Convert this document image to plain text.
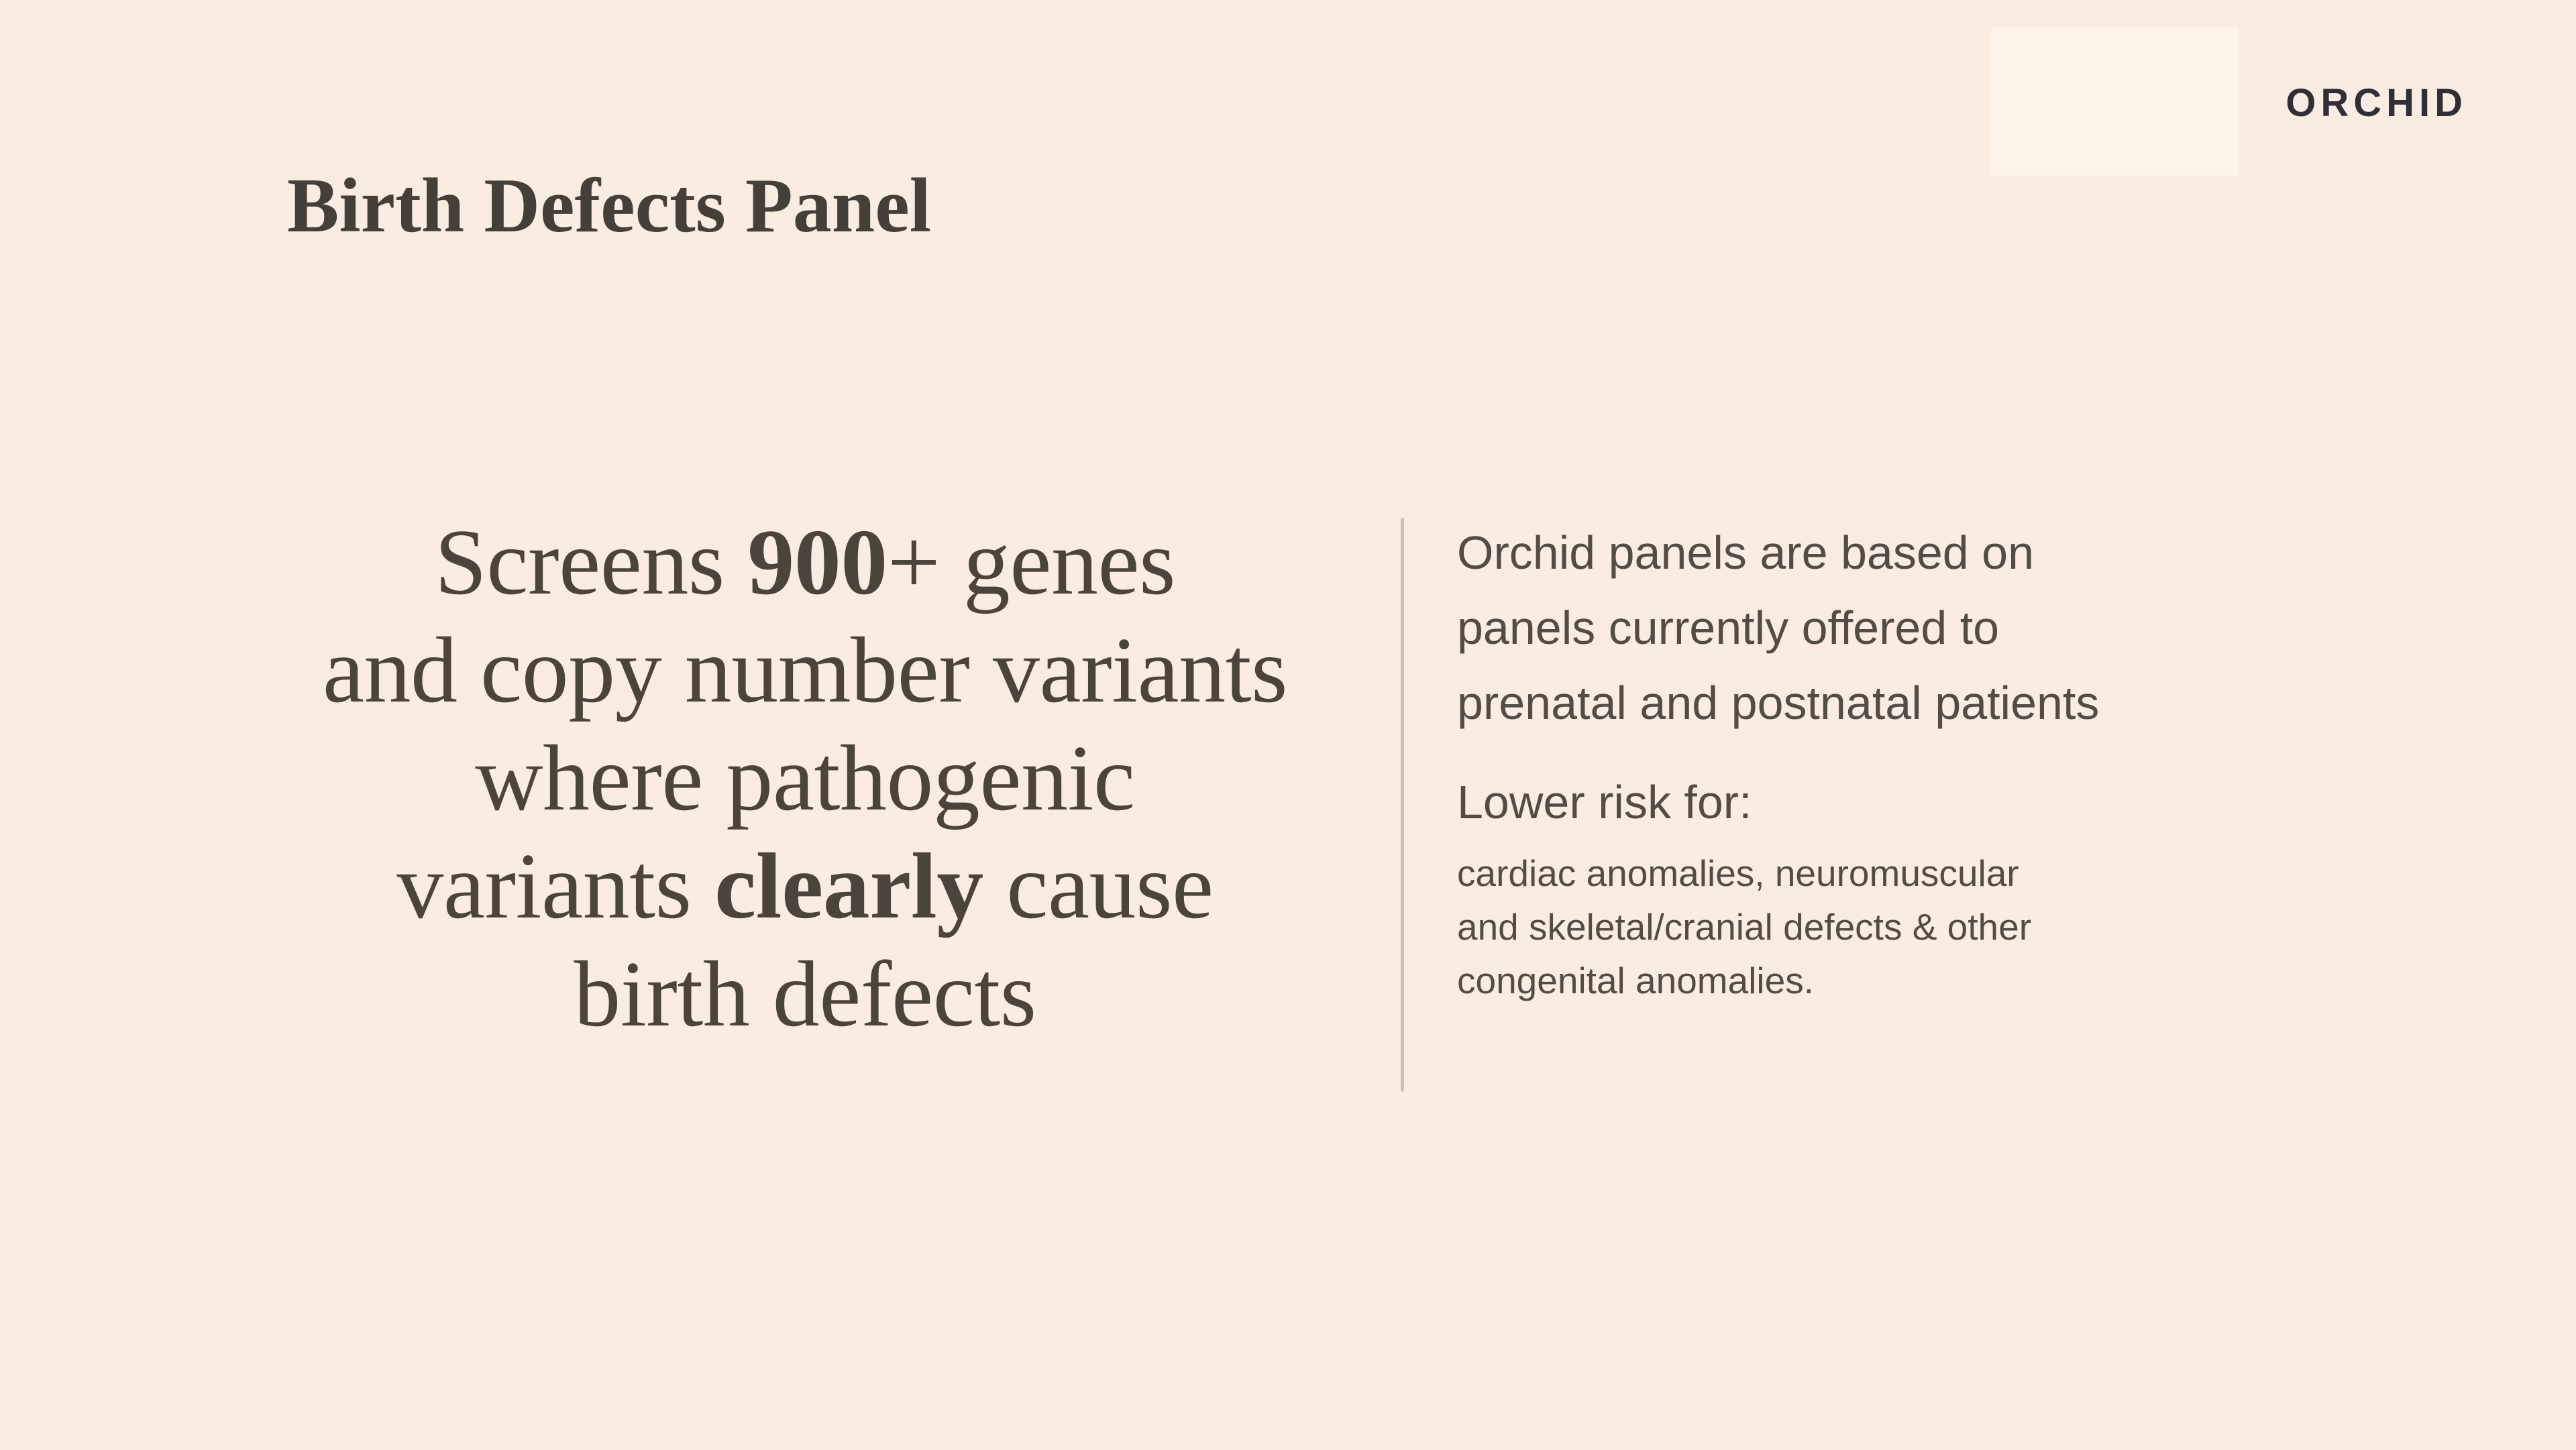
Birth Defects Panel
ORCHID
Screens 900+ genes
and copy number variants
where pathogenic
variants clearly cause
birth defects
Orchid panels are based on
panels currently offered to
prenatal and postnatal patients
Lower risk for:
cardiac anomalies, neuromuscular
and skeletal/cranial defects & other
congenital anomalies.
